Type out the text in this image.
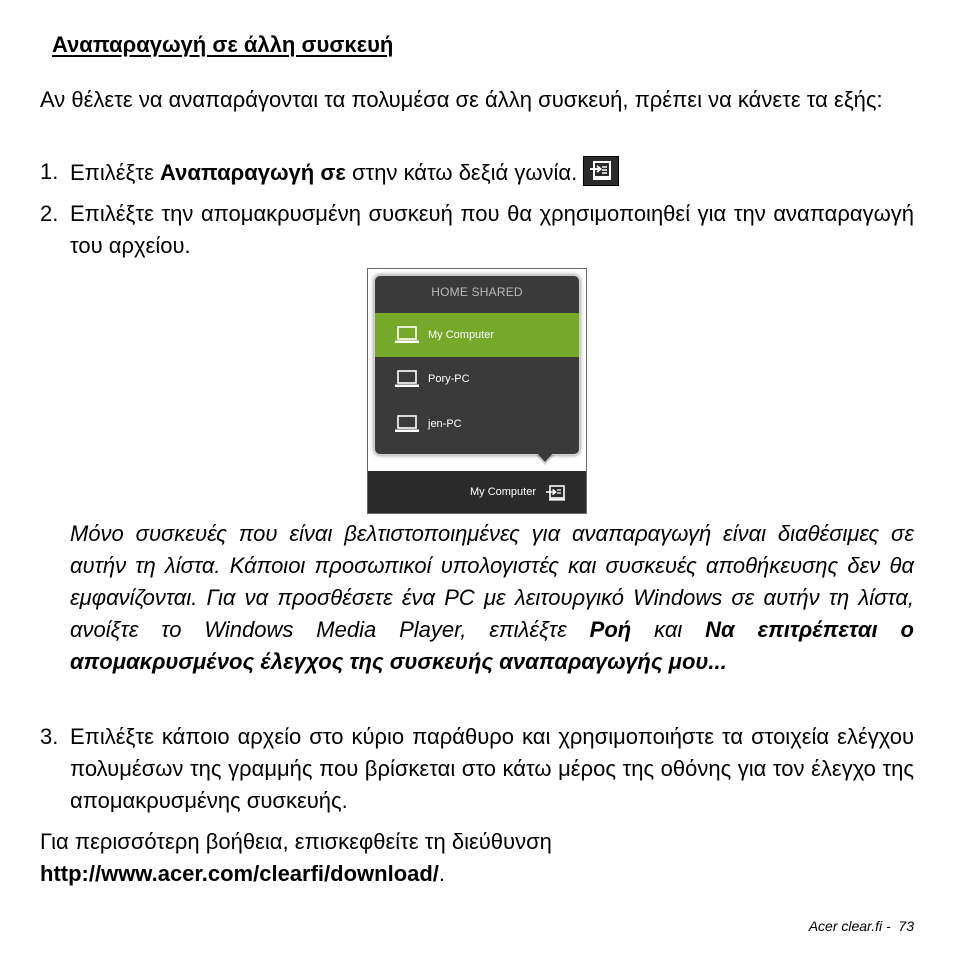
Αναπαραγωγή σε άλλη συσκευή
Αν θέλετε να αναπαράγονται τα πολυμέσα σε άλλη συσκευή, πρέπει να κάνετε τα εξής:
1. Επιλέξτε Αναπαραγωγή σε στην κάτω δεξιά γωνία.
2. Επιλέξτε την απομακρυσμένη συσκευή που θα χρησιμοποιηθεί για την αναπαραγωγή του αρχείου.
Μόνο συσκευές που είναι βελτιστοποιημένες για αναπαραγωγή είναι διαθέσιμες σε αυτήν τη λίστα. Κάποιοι προσωπικοί υπολογιστές και συσκευές αποθήκευσης δεν θα εμφανίζονται. Για να προσθέσετε ένα PC με λειτουργικό Windows σε αυτήν τη λίστα, ανοίξτε το Windows Media Player, επιλέξτε Ροή και Να επιτρέπεται ο απομακρυσμένος έλεγχος της συσκευής αναπαραγωγής μου...
3. Επιλέξτε κάποιο αρχείο στο κύριο παράθυρο και χρησιμοποιήστε τα στοιχεία ελέγχου πολυμέσων της γραμμής που βρίσκεται στο κάτω μέρος της οθόνης για τον έλεγχο της απομακρυσμένης συσκευής.
Για περισσότερη βοήθεια, επισκεφθείτε τη διεύθυνση
http://www.acer.com/clearfi/download/.
HOME SHARED
My Computer
Pory-PC
jen-PC
My Computer
Acer clear.fi -  73
